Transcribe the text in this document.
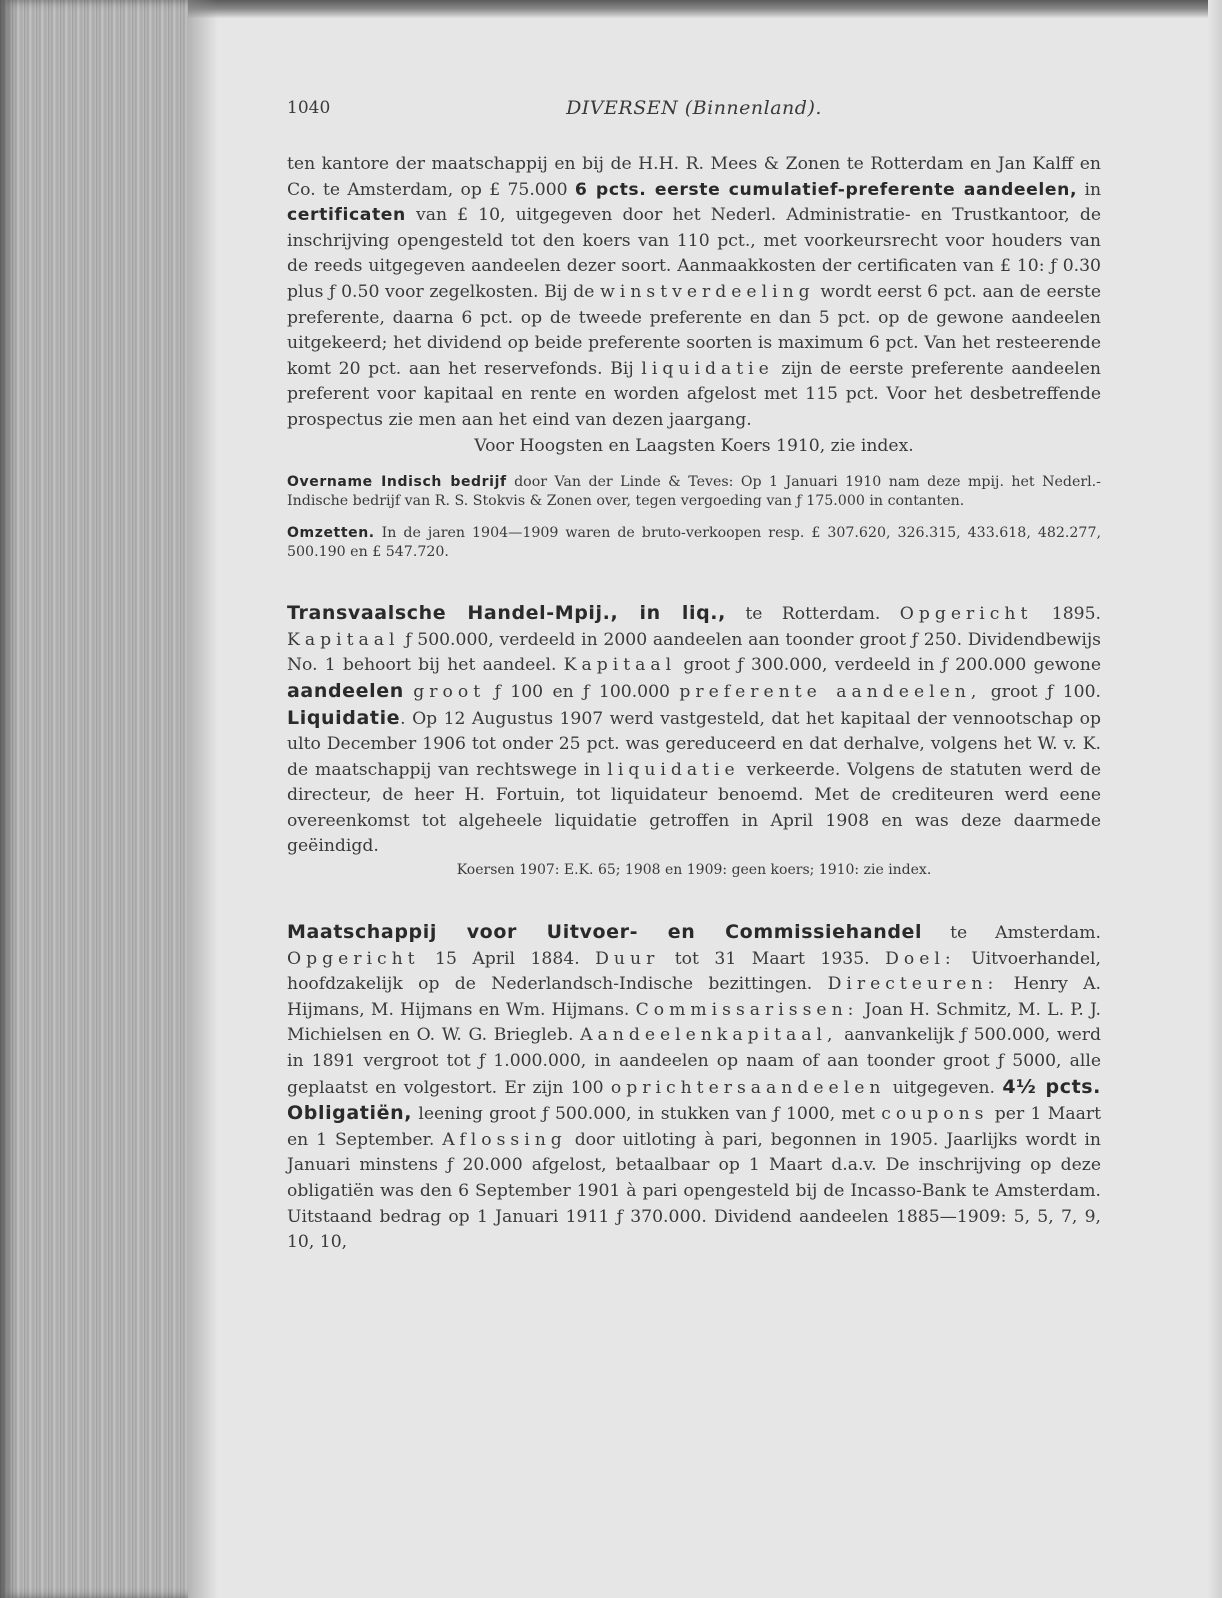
1040	DIVERSEN (Binnenland).

ten kantore der maatschappij en bij de H.H. R. Mees & Zonen te Rotterdam en Jan Kalff en Co. te Amsterdam, op £ 75.000 6 pcts. eerste cumulatief-preferente aandeelen, in certificaten van £ 10, uitgegeven door het Nederl. Administratie- en Trustkantoor, de inschrijving opengesteld tot den koers van 110 pct., met voorkeursrecht voor houders van de reeds uitgegeven aandeelen dezer soort. Aanmaakkosten der certificaten van £ 10: ƒ 0.30 plus ƒ 0.50 voor zegelkosten. Bij de winstverdeeling wordt eerst 6 pct. aan de eerste preferente, daarna 6 pct. op de tweede preferente en dan 5 pct. op de gewone aandeelen uitgekeerd; het dividend op beide preferente soorten is maximum 6 pct. Van het resteerende komt 20 pct. aan het reservefonds. Bij liquidatie zijn de eerste preferente aandeelen preferent voor kapitaal en rente en worden afgelost met 115 pct. Voor het desbetreffende prospectus zie men aan het eind van dezen jaargang.

Voor Hoogsten en Laagsten Koers 1910, zie index.

Overname Indisch bedrijf door Van der Linde & Teves: Op 1 Januari 1910 nam deze mpij. het Nederl.-Indische bedrijf van R. S. Stokvis & Zonen over, tegen vergoeding van ƒ 175.000 in contanten.

Omzetten. In de jaren 1904—1909 waren de bruto-verkoopen resp. £ 307.620, 326.315, 433.618, 482.277, 500.190 en £ 547.720.

Transvaalsche Handel-Mpij., in liq., te Rotterdam. Opgericht 1895. Kapitaal ƒ 500.000, verdeeld in 2000 aandeelen aan toonder groot ƒ 250. Dividendbewijs No. 1 behoort bij het aandeel. Kapitaal groot ƒ 300.000, verdeeld in ƒ 200.000 gewone aandeelen groot ƒ 100 en ƒ 100.000 preferente aandeelen, groot ƒ 100. Liquidatie. Op 12 Augustus 1907 werd vastgesteld, dat het kapitaal der vennootschap op ulto December 1906 tot onder 25 pct. was gereduceerd en dat derhalve, volgens het W. v. K. de maatschappij van rechtswege in liquidatie verkeerde. Volgens de statuten werd de directeur, de heer H. Fortuin, tot liquidateur benoemd. Met de crediteuren werd eene overeenkomst tot algeheele liquidatie getroffen in April 1908 en was deze daarmede geëindigd.

Koersen 1907: E.K. 65; 1908 en 1909: geen koers; 1910: zie index.

Maatschappij voor Uitvoer- en Commissiehandel te Amsterdam. Opgericht 15 April 1884. Duur tot 31 Maart 1935. Doel: Uitvoerhandel, hoofdzakelijk op de Nederlandsch-Indische bezittingen. Directeuren: Henry A. Hijmans, M. Hijmans en Wm. Hijmans. Commissarissen: Joan H. Schmitz, M. L. P. J. Michielsen en O. W. G. Briegleb. Aandeelenkapitaal, aanvankelijk ƒ 500.000, werd in 1891 vergroot tot ƒ 1.000.000, in aandeelen op naam of aan toonder groot ƒ 5000, alle geplaatst en volgestort. Er zijn 100 oprichtersaandeelen uitgegeven. 4½ pcts. Obligatiën, leening groot ƒ 500.000, in stukken van ƒ 1000, met coupons per 1 Maart en 1 September. Aflossing door uitloting à pari, begonnen in 1905. Jaarlijks wordt in Januari minstens ƒ 20.000 afgelost, betaalbaar op 1 Maart d.a.v. De inschrijving op deze obligatiën was den 6 September 1901 à pari opengesteld bij de Incasso-Bank te Amsterdam. Uitstaand bedrag op 1 Januari 1911 ƒ 370.000. Dividend aandeelen 1885—1909: 5, 5, 7, 9, 10, 10,
